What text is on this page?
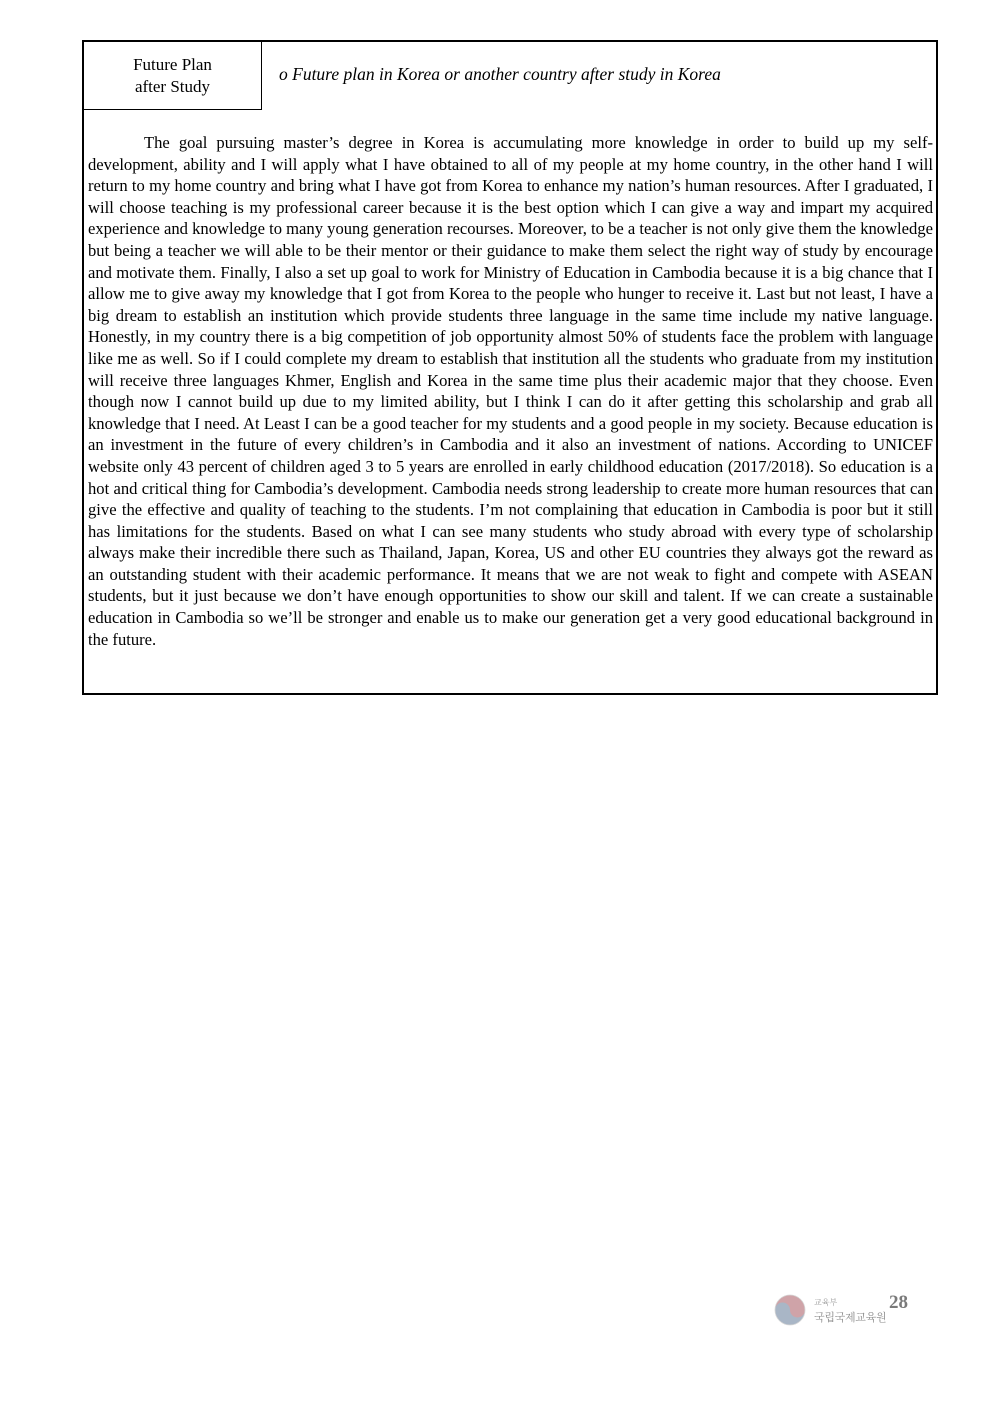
Future Plan
after Study
o Future plan in Korea or another country after study in Korea

The goal pursuing master’s degree in Korea is accumulating more knowledge in order to build up my self-development, ability and I will apply what I have obtained to all of my people at my home country, in the other hand I will return to my home country and bring what I have got from Korea to enhance my nation’s human resources. After I graduated, I will choose teaching is my professional career because it is the best option which I can give a way and impart my acquired experience and knowledge to many young generation recourses. Moreover, to be a teacher is not only give them the knowledge but being a teacher we will able to be their mentor or their guidance to make them select the right way of study by encourage and motivate them. Finally, I also a set up goal to work for Ministry of Education in Cambodia because it is a big chance that I allow me to give away my knowledge that I got from Korea to the people who hunger to receive it. Last but not least, I have a big dream to establish an institution which provide students three language in the same time include my native language. Honestly, in my country there is a big competition of job opportunity almost 50% of students face the problem with language like me as well. So if I could complete my dream to establish that institution all the students who graduate from my institution will receive three languages Khmer, English and Korea in the same time plus their academic major that they choose. Even though now I cannot build up due to my limited ability, but I think I can do it after getting this scholarship and grab all knowledge that I need. At Least I can be a good teacher for my students and a good people in my society. Because education is an investment in the future of every children’s in Cambodia and it also an investment of nations. According to UNICEF website only 43 percent of children aged 3 to 5 years are enrolled in early childhood education (2017/2018). So education is a hot and critical thing for Cambodia’s development. Cambodia needs strong leadership to create more human resources that can give the effective and quality of teaching to the students. I’m not complaining that education in Cambodia is poor but it still has limitations for the students. Based on what I can see many students who study abroad with every type of scholarship always make their incredible there such as Thailand, Japan, Korea, US and other EU countries they always got the reward as an outstanding student with their academic performance. It means that we are not weak to fight and compete with ASEAN students, but it just because we don’t have enough opportunities to show our skill and talent. If we can create a sustainable education in Cambodia so we’ll be stronger and enable us to make our generation get a very good educational background in the future.

교육부
국립국제교육원
28
